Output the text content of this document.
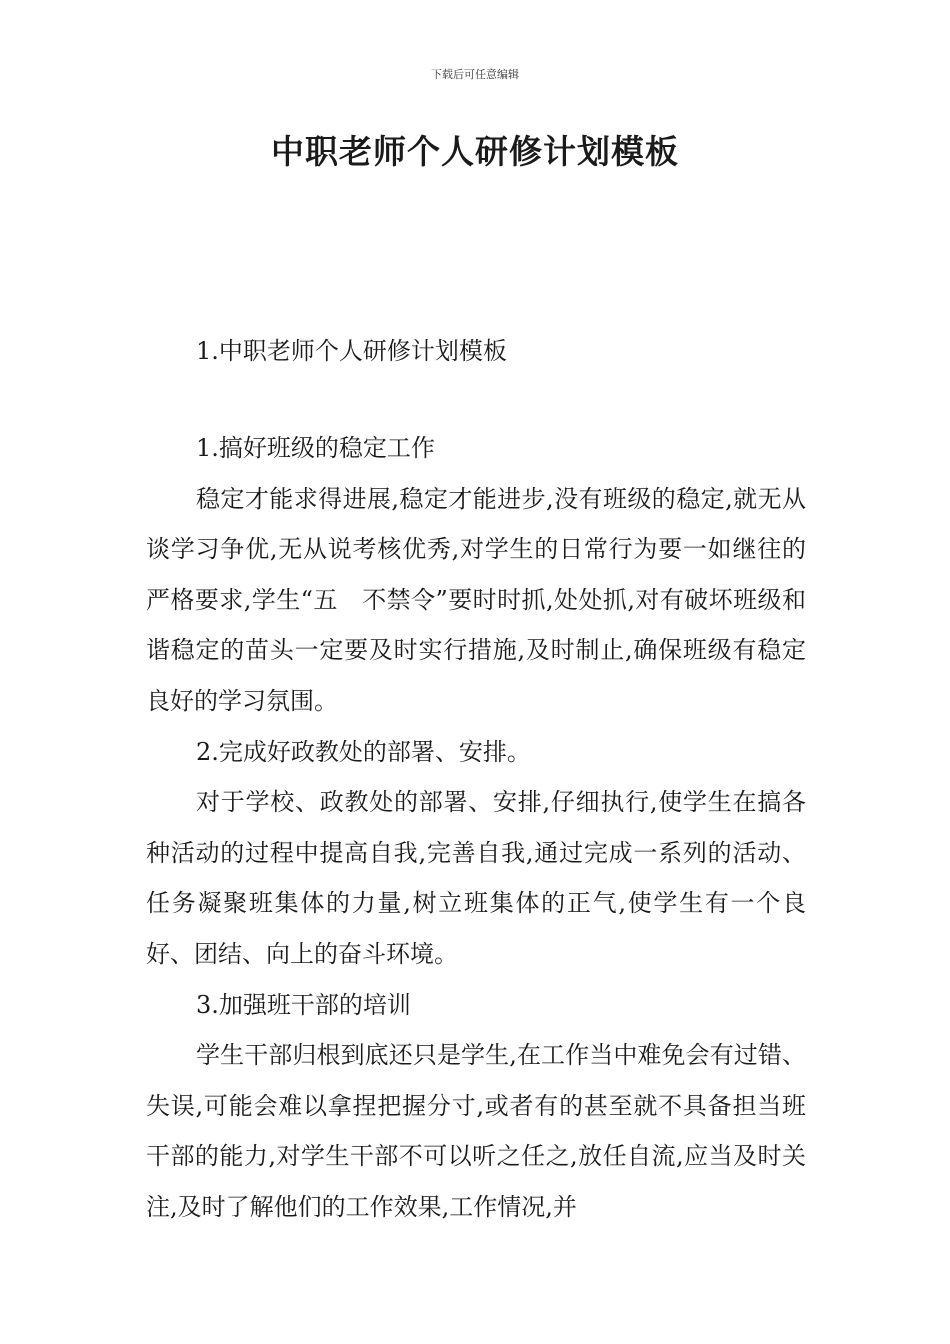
下载后可任意编辑
中职老师个人研修计划模板

1.中职老师个人研修计划模板

1.搞好班级的稳定工作

稳定才能求得进展,稳定才能进步,没有班级的稳定,就无从谈学习争优,无从说考核优秀,对学生的日常行为要一如继往的严格要求,学生“五　不禁令”要时时抓,处处抓,对有破坏班级和谐稳定的苗头一定要及时实行措施,及时制止,确保班级有稳定良好的学习氛围。

2.完成好政教处的部署、安排。

对于学校、政教处的部署、安排,仔细执行,使学生在搞各种活动的过程中提高自我,完善自我,通过完成一系列的活动、任务凝聚班集体的力量,树立班集体的正气,使学生有一个良好、团结、向上的奋斗环境。

3.加强班干部的培训

学生干部归根到底还只是学生,在工作当中难免会有过错、失误,可能会难以拿捏把握分寸,或者有的甚至就不具备担当班干部的能力,对学生干部不可以听之任之,放任自流,应当及时关注,及时了解他们的工作效果,工作情况,并
